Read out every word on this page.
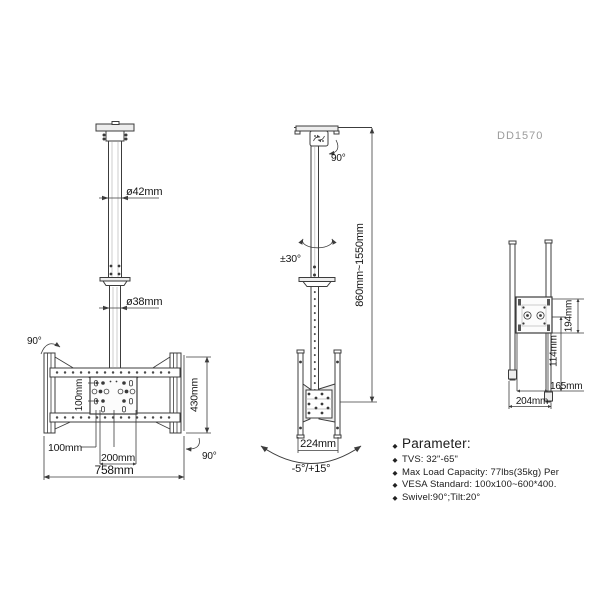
ø42mm
ø38mm
90°
100mm	430mm
100mm
200mm
758mm
90°
90°
±30°	860mm~1550mm
224mm
-5°/+15°
194mm
114mm
165mm
204mm
DD1570
◆ Parameter:
◆ TVS: 32"-65"
◆ Max Load Capacity: 77lbs(35kg) Per
◆ VESA Standard: 100x100~600*400.
◆ Swivel:90°;Tilt:20°
